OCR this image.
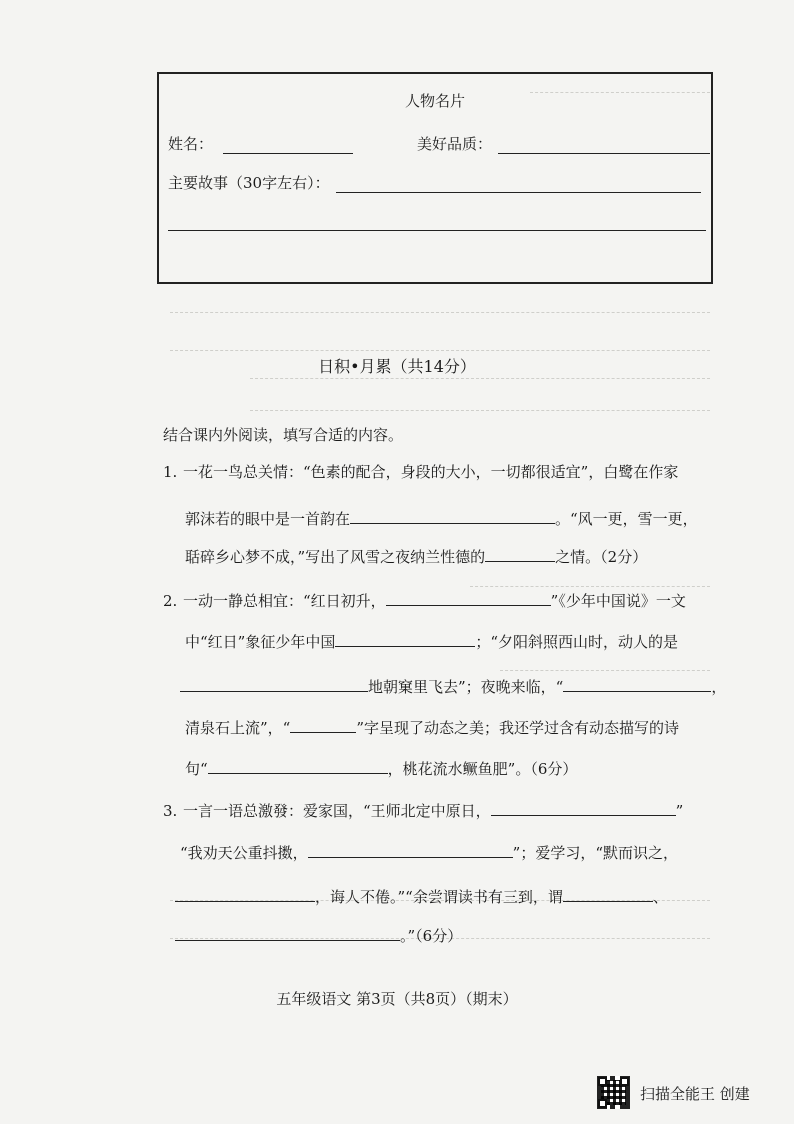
人物名片
姓名：	美好品质：
主要故事（30字左右）：
日积•月累（共14分）
结合课内外阅读，填写合适的内容。
1. 一花一鸟总关情：“色素的配合，身段的大小，一切都很适宜”，白鹭在作家
郭沫若的眼中是一首韵在	。“风一更，雪一更，
聒碎乡心梦不成，”写出了风雪之夜纳兰性德的	之情。（2分）
2. 一动一静总相宜：“红日初升，	”《少年中国说》一文
中“红日”象征少年中国	；“夕阳斜照西山时，动人的是
地朝窠里飞去”；夜晚来临，“	，
清泉石上流”，“	”字呈现了动态之美；我还学过含有动态描写的诗
句“	，桃花流水鳜鱼肥”。（6分）
3. 一言一语总激發：爱家国，“王师北定中原日，	”
“我劝天公重抖擞，	”；爱学习，“默而识之，
，诲人不倦。”“余尝谓读书有三到，谓	、
。”（6分）
五年级语文 第3页（共8页）（期末）
扫描全能王 创建
